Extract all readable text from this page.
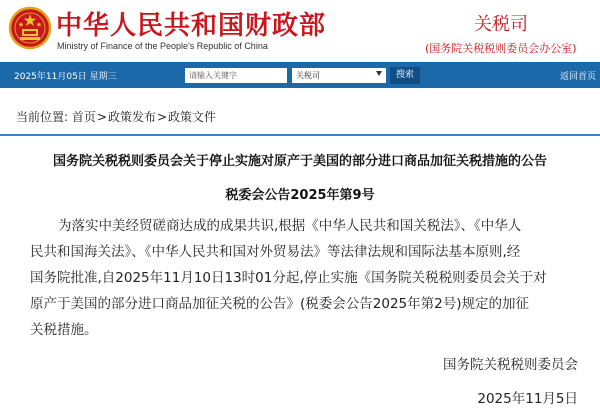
中华人民共和国财政部
Ministry of Finance of the People's Republic of China
关税司
(国务院关税税则委员会办公室)
2025年11月05日 星期三
请输入关键字	关税司	搜索	返回首页
当前位置: 首页>政策发布>政策文件
国务院关税税则委员会关于停止实施对原产于美国的部分进口商品加征关税措施的公告
税委会公告2025年第9号
为落实中美经贸磋商达成的成果共识,根据《中华人民共和国关税法》、《中华人
民共和国海关法》、《中华人民共和国对外贸易法》等法律法规和国际法基本原则,经
国务院批准,自2025年11月10日13时01分起,停止实施《国务院关税税则委员会关于对
原产于美国的部分进口商品加征关税的公告》(税委会公告2025年第2号)规定的加征
关税措施。
国务院关税税则委员会
2025年11月5日
